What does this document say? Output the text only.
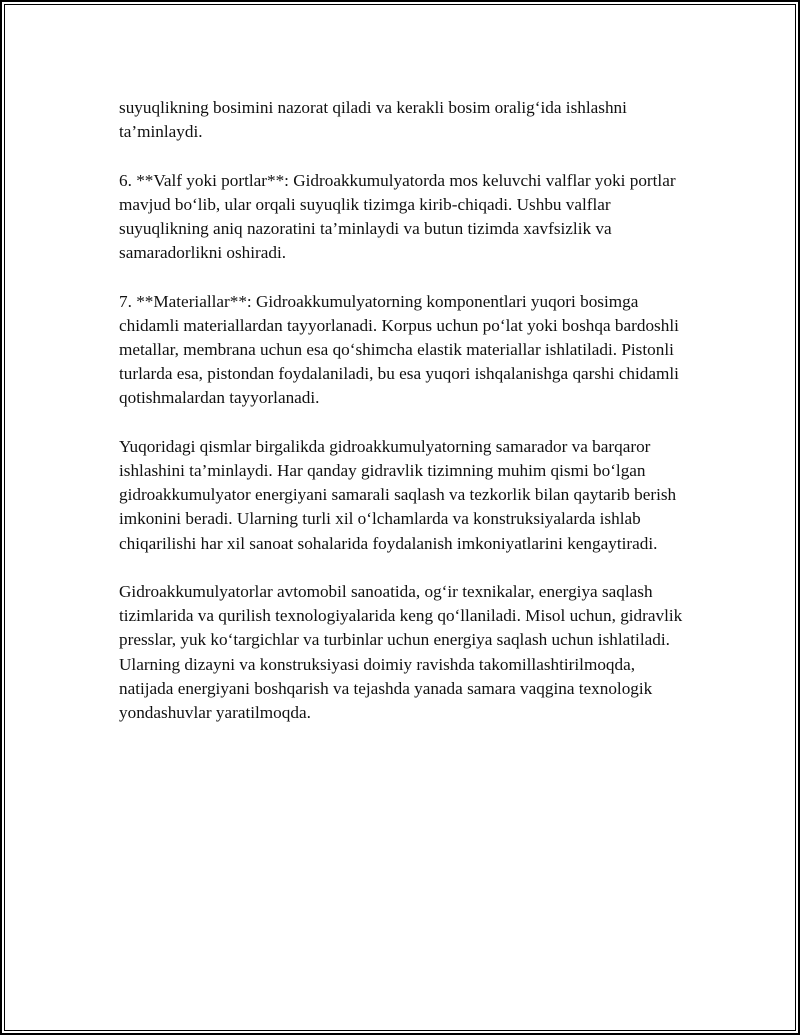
suyuqlikning bosimini nazorat qiladi va kerakli bosim oralig‘ida ishlashni ta’minlaydi.

6. **Valf yoki portlar**: Gidroakkumulyatorda mos keluvchi valflar yoki portlar mavjud bo‘lib, ular orqali suyuqlik tizimga kirib-chiqadi. Ushbu valflar suyuqlikning aniq nazoratini ta’minlaydi va butun tizimda xavfsizlik va samaradorlikni oshiradi.

7. **Materiallar**: Gidroakkumulyatorning komponentlari yuqori bosimga chidamli materiallardan tayyorlanadi. Korpus uchun po‘lat yoki boshqa bardoshli metallar, membrana uchun esa qo‘shimcha elastik materiallar ishlatiladi. Pistonli turlarda esa, pistondan foydalaniladi, bu esa yuqori ishqalanishga qarshi chidamli qotishmalardan tayyorlanadi.

Yuqoridagi qismlar birgalikda gidroakkumulyatorning samarador va barqaror ishlashini ta’minlaydi. Har qanday gidravlik tizimning muhim qismi bo‘lgan gidroakkumulyator energiyani samarali saqlash va tezkorlik bilan qaytarib berish imkonini beradi. Ularning turli xil o‘lchamlarda va konstruksiyalarda ishlab chiqarilishi har xil sanoat sohalarida foydalanish imkoniyatlarini kengaytiradi.

Gidroakkumulyatorlar avtomobil sanoatida, og‘ir texnikalar, energiya saqlash tizimlarida va qurilish texnologiyalarida keng qo‘llaniladi. Misol uchun, gidravlik presslar, yuk ko‘targichlar va turbinlar uchun energiya saqlash uchun ishlatiladi. Ularning dizayni va konstruksiyasi doimiy ravishda takomillashtirilmoqda, natijada energiyani boshqarish va tejashda yanada samara vaqgina texnologik yondashuvlar yaratilmoqda.
